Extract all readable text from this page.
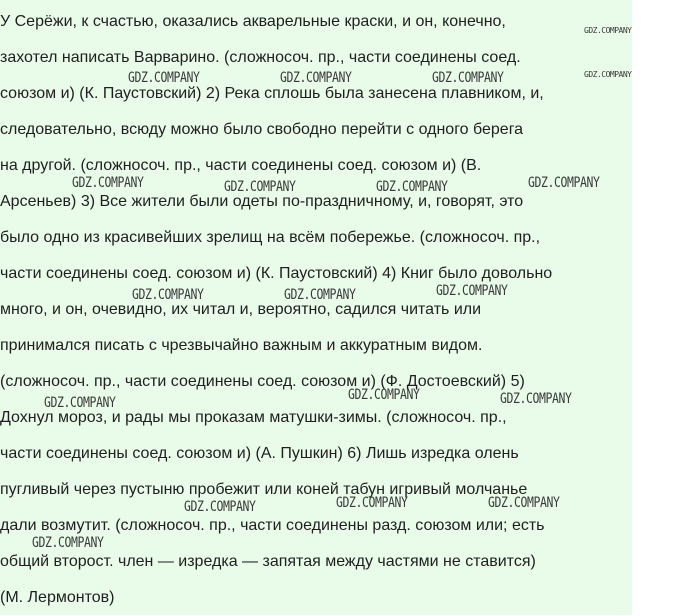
У Серёжи, к счастью, оказались акварельные краски, и он, конечно,
захотел написать Варварино. (сложносоч. пр., части соединены соед.
союзом и) (К. Паустовский) 2) Река сплошь была занесена плавником, и,
следовательно, всюду можно было свободно перейти с одного берега
на другой. (сложносоч. пр., части соединены соед. союзом и) (В.
Арсеньев) 3) Все жители были одеты по-праздничному, и, говорят, это
было одно из красивейших зрелищ на всём побережье. (сложносоч. пр.,
части соединены соед. союзом и) (К. Паустовский) 4) Книг было довольно
много, и он, очевидно, их читал и, вероятно, садился читать или
принимался писать с чрезвычайно важным и аккуратным видом.
(сложносоч. пр., части соединены соед. союзом и) (Ф. Достоевский) 5)
Дохнул мороз, и рады мы проказам матушки-зимы. (сложносоч. пр.,
части соединены соед. союзом и) (А. Пушкин) 6) Лишь изредка олень
пугливый через пустыню пробежит или коней табун игривый молчанье
дали возмутит. (сложносоч. пр., части соединены разд. союзом или; есть
общий второст. член — изредка — запятая между частями не ставится)
(М. Лермонтов)
GDZ.COMPANY
GDZ.COMPANY
GDZ.COMPANY	GDZ.COMPANY	GDZ.COMPANY
GDZ.COMPANY	GDZ.COMPANY	GDZ.COMPANY	GDZ.COMPANY
GDZ.COMPANY	GDZ.COMPANY	GDZ.COMPANY
GDZ.COMPANY	GDZ.COMPANY	GDZ.COMPANY
GDZ.COMPANY	GDZ.COMPANY	GDZ.COMPANY
GDZ.COMPANY
